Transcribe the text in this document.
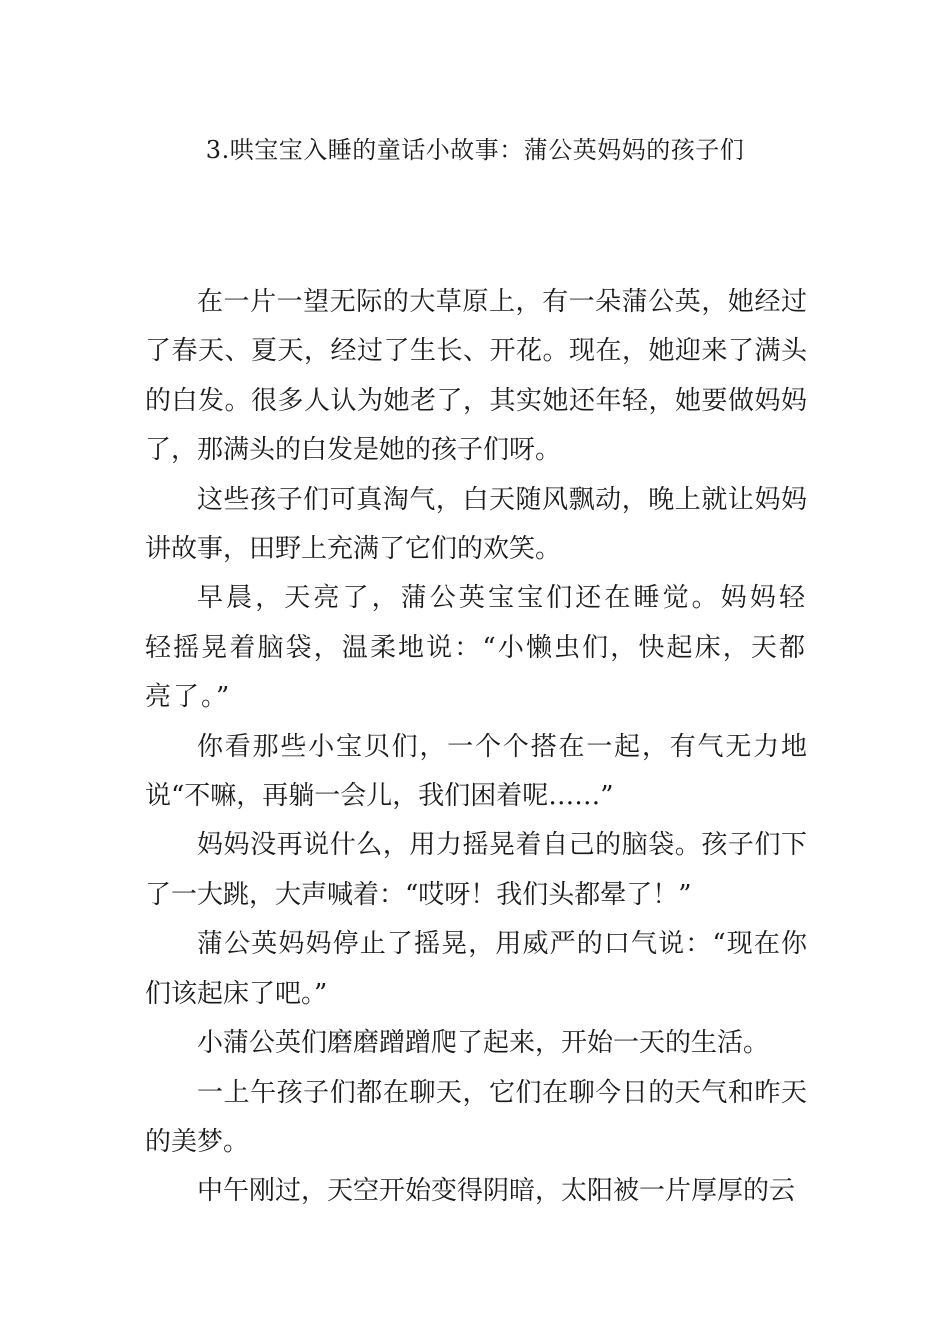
3.哄宝宝入睡的童话小故事：蒲公英妈妈的孩子们

在一片一望无际的大草原上，有一朵蒲公英，她经过了春天、夏天，经过了生长、开花。现在，她迎来了满头的白发。很多人认为她老了，其实她还年轻，她要做妈妈了，那满头的白发是她的孩子们呀。

这些孩子们可真淘气，白天随风飘动，晚上就让妈妈讲故事，田野上充满了它们的欢笑。

早晨，天亮了，蒲公英宝宝们还在睡觉。妈妈轻轻摇晃着脑袋，温柔地说：“小懒虫们，快起床，天都亮了。”

你看那些小宝贝们，一个个搭在一起，有气无力地说“不嘛，再躺一会儿，我们困着呢……”

妈妈没再说什么，用力摇晃着自己的脑袋。孩子们下了一大跳，大声喊着：“哎呀！我们头都晕了！”

蒲公英妈妈停止了摇晃，用威严的口气说：“现在你们该起床了吧。”

小蒲公英们磨磨蹭蹭爬了起来，开始一天的生活。

一上午孩子们都在聊天，它们在聊今日的天气和昨天的美梦。

中午刚过，天空开始变得阴暗，太阳被一片厚厚的云
